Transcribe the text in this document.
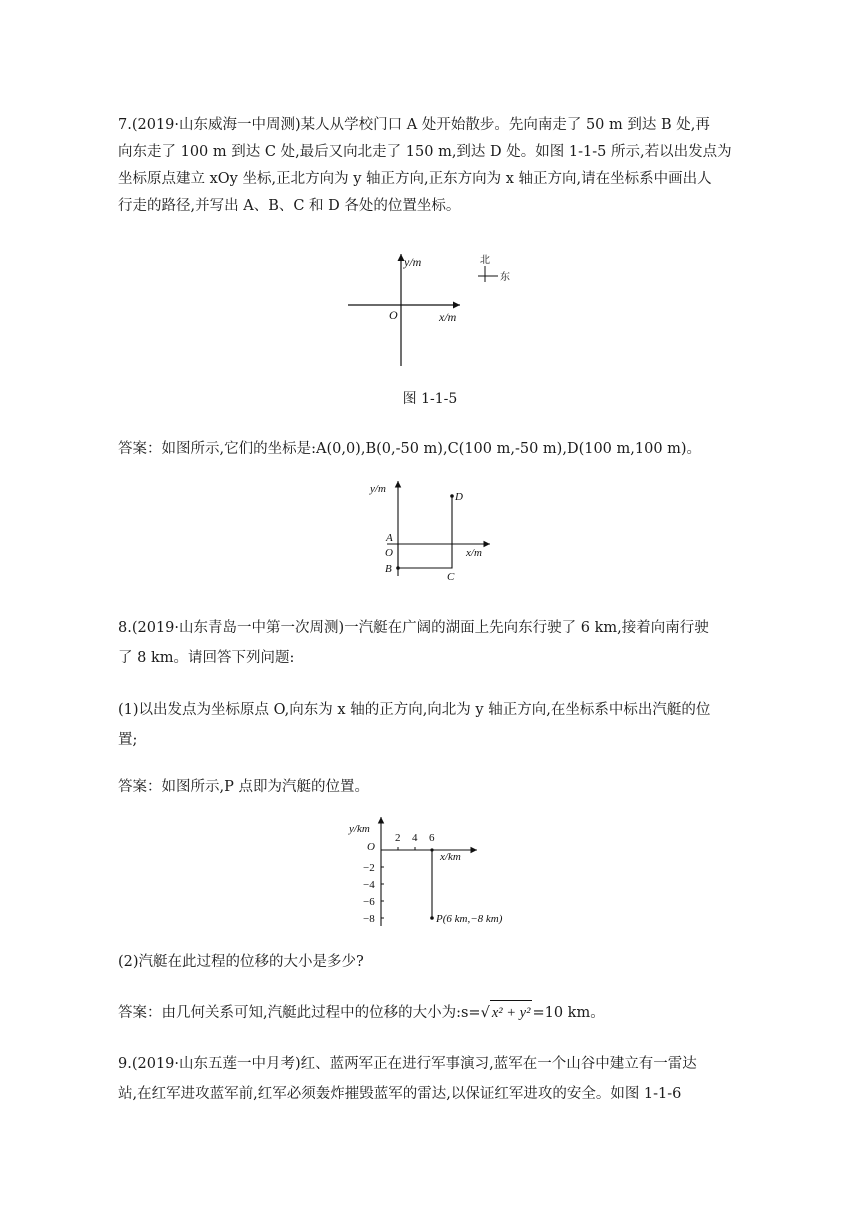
7.(2019·山东威海一中周测)某人从学校门口 A 处开始散步。先向南走了 50 m 到达 B 处,再
向东走了 100 m 到达 C 处,最后又向北走了 150 m,到达 D 处。如图 1-1-5 所示,若以出发点为
坐标原点建立 xOy 坐标,正北方向为 y 轴正方向,正东方向为 x 轴正方向,请在坐标系中画出人
行走的路径,并写出 A、B、C 和 D 各处的位置坐标。
y/m
x/m
O
北
东
图 1-1-5
答案：如图所示,它们的坐标是:A(0,0),B(0,-50 m),C(100 m,-50 m),D(100 m,100 m)。
y/m
x/m
O
A
B
C
D
8.(2019·山东青岛一中第一次周测)一汽艇在广阔的湖面上先向东行驶了 6 km,接着向南行驶
了 8 km。请回答下列问题:
(1)以出发点为坐标原点 O,向东为 x 轴的正方向,向北为 y 轴正方向,在坐标系中标出汽艇的位
置;
答案：如图所示,P 点即为汽艇的位置。
y/km
x/km
O
2 4 6
−2
−4
−6
−8	P(6 km,−8 km)
(2)汽艇在此过程的位移的大小是多少?
答案：由几何关系可知,汽艇此过程中的位移的大小为:s=√ x² + y² =10 km。
9.(2019·山东五莲一中月考)红、蓝两军正在进行军事演习,蓝军在一个山谷中建立有一雷达
站,在红军进攻蓝军前,红军必须轰炸摧毁蓝军的雷达,以保证红军进攻的安全。如图 1-1-6
